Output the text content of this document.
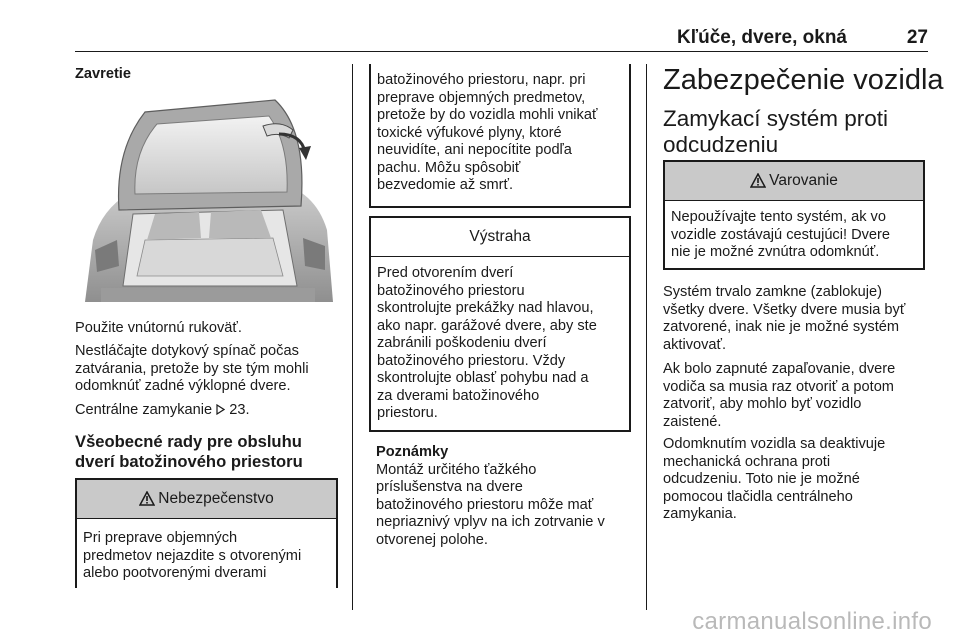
Kľúče, dvere, okná	27
Zavretie
Použite vnútornú rukoväť.
Nestláčajte dotykový spínač počas
zatvárania, pretože by ste tým mohli
odomknúť zadné výklopné dvere.
Centrálne zamykanie  23.
Všeobecné rady pre obsluhu
dverí batožinového priestoru
Nebezpečenstvo
Pri preprave objemných
predmetov nejazdite s otvorenými
alebo pootvorenými dverami
batožinového priestoru, napr. pri
preprave objemných predmetov,
pretože by do vozidla mohli vnikať
toxické výfukové plyny, ktoré
neuvidíte, ani nepocítite podľa
pachu. Môžu spôsobiť
bezvedomie až smrť.
Výstraha
Pred otvorením dverí
batožinového priestoru
skontrolujte prekážky nad hlavou,
ako napr. garážové dvere, aby ste
zabránili poškodeniu dverí
batožinového priestoru. Vždy
skontrolujte oblasť pohybu nad a
za dverami batožinového
priestoru.
Poznámky
Montáž určitého ťažkého
príslušenstva na dvere
batožinového priestoru môže mať
nepriaznivý vplyv na ich zotrvanie v
otvorenej polohe.
Zabezpečenie vozidla
Zamykací systém proti
odcudzeniu
Varovanie
Nepoužívajte tento systém, ak vo
vozidle zostávajú cestujúci! Dvere
nie je možné zvnútra odomknúť.
Systém trvalo zamkne (zablokuje)
všetky dvere. Všetky dvere musia byť
zatvorené, inak nie je možné systém
aktivovať.
Ak bolo zapnuté zapaľovanie, dvere
vodiča sa musia raz otvoriť a potom
zatvoriť, aby mohlo byť vozidlo
zaistené.
Odomknutím vozidla sa deaktivuje
mechanická ochrana proti
odcudzeniu. Toto nie je možné
pomocou tlačidla centrálneho
zamykania.
carmanualsonline.info
